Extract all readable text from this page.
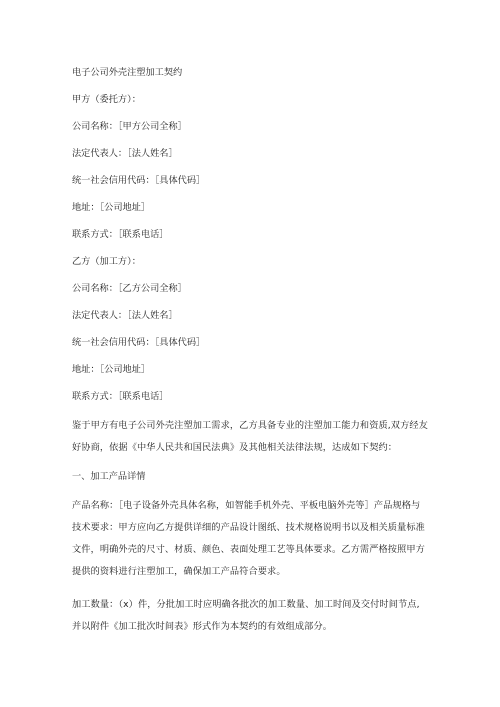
电子公司外壳注塑加工契约

甲方（委托方）：

公司名称：［甲方公司全称］

法定代表人：［法人姓名］

统一社会信用代码：［具体代码］

地址：［公司地址］

联系方式：［联系电话］

乙方（加工方）：

公司名称：［乙方公司全称］

法定代表人：［法人姓名］

统一社会信用代码：［具体代码］

地址：［公司地址］

联系方式：［联系电话］

鉴于甲方有电子公司外壳注塑加工需求，乙方具备专业的注塑加工能力和资质,双方经友
好协商，依据《中华人民共和国民法典》及其他相关法律法规，达成如下契约：

一、加工产品详情

产品名称：［电子设备外壳具体名称，如智能手机外壳、平板电脑外壳等］产品规格与
技术要求：甲方应向乙方提供详细的产品设计图纸、技术规格说明书以及相关质量标准
文件，明确外壳的尺寸、材质、颜色、表面处理工艺等具体要求。乙方需严格按照甲方
提供的资料进行注塑加工，确保加工产品符合要求。

加工数量：（x）件，分批加工时应明确各批次的加工数量、加工时间及交付时间节点,
并以附件《加工批次时间表》形式作为本契约的有效组成部分。
